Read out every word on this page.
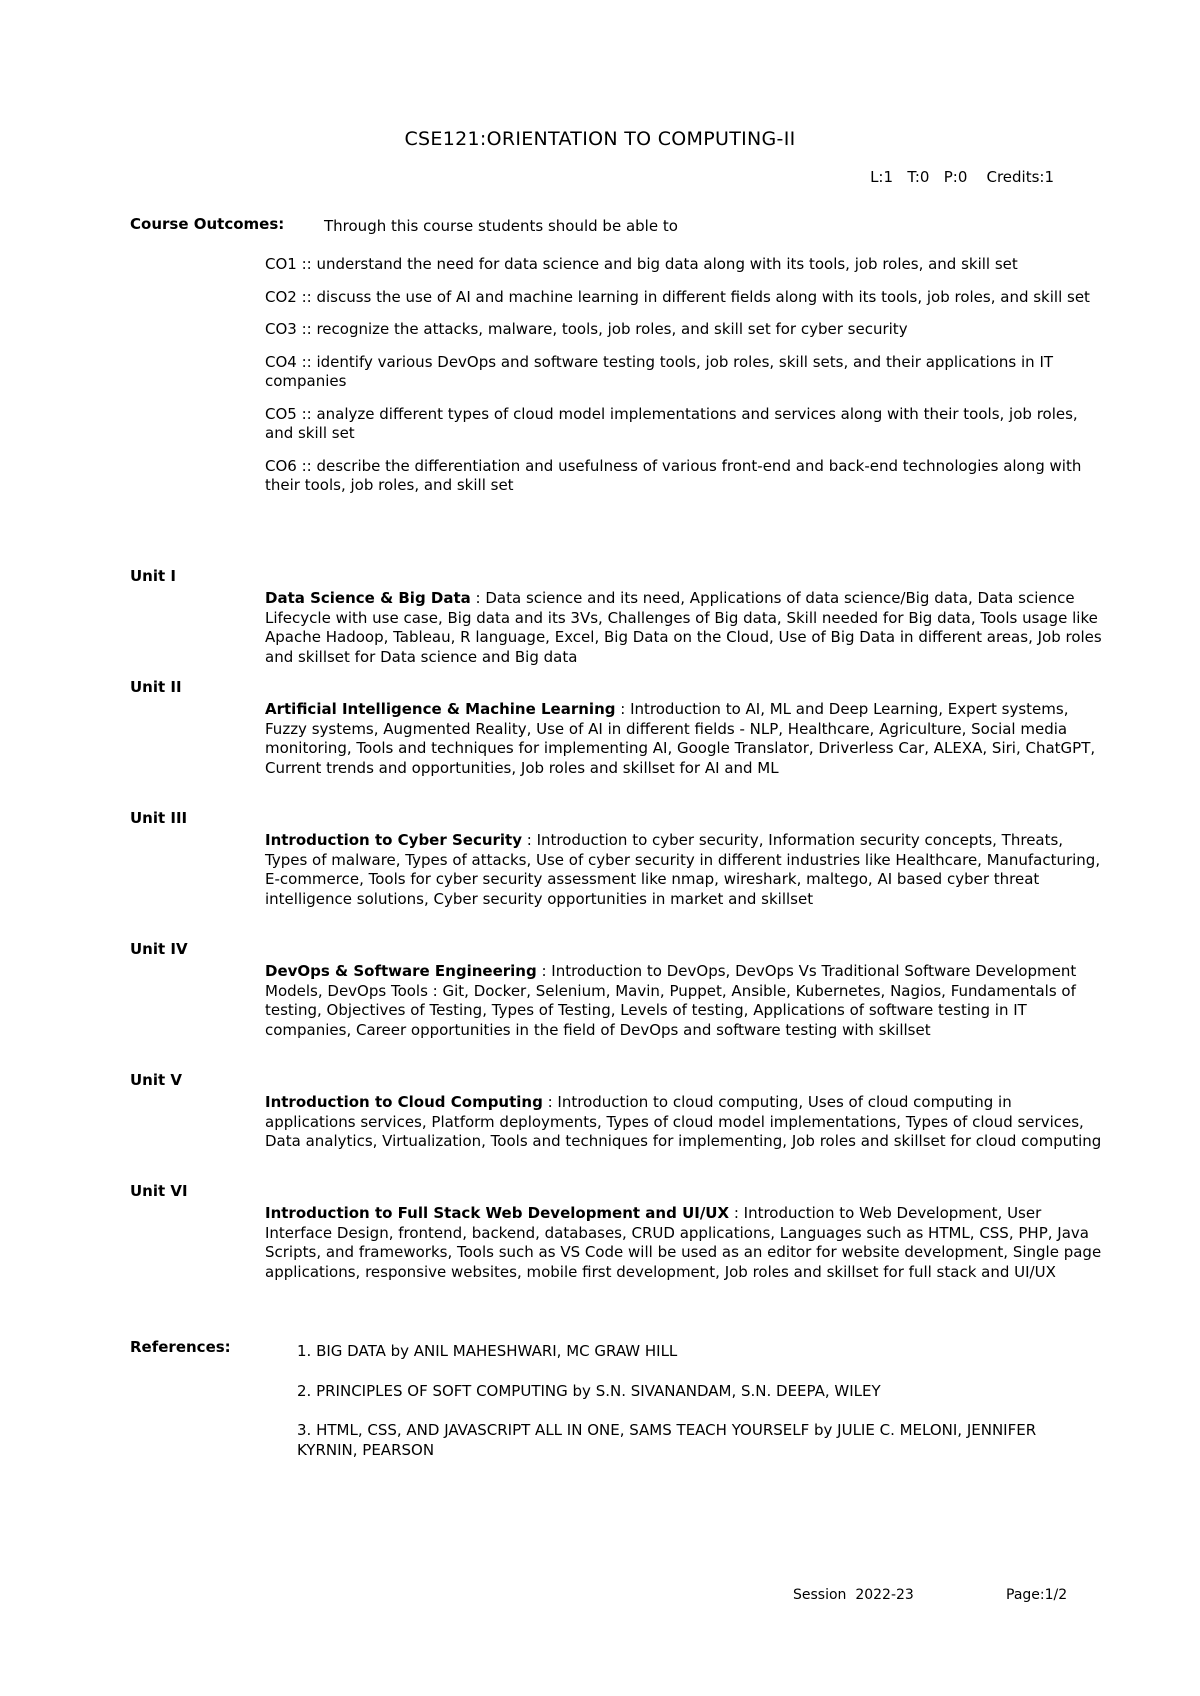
CSE121:ORIENTATION TO COMPUTING-II
L:1   T:0   P:0    Credits:1
Course Outcomes:	Through this course students should be able to
CO1 :: understand the need for data science and big data along with its tools, job roles, and skill set
CO2 :: discuss the use of AI and machine learning in different fields along with its tools, job roles, and skill set
CO3 :: recognize the attacks, malware, tools, job roles, and skill set for cyber security
CO4 :: identify various DevOps and software testing tools, job roles, skill sets, and their applications in IT companies
CO5 :: analyze different types of cloud model implementations and services along with their tools, job roles, and skill set
CO6 :: describe the differentiation and usefulness of various front-end and back-end technologies along with their tools, job roles, and skill set
Unit I
Data Science & Big Data : Data science and its need, Applications of data science/Big data, Data science Lifecycle with use case, Big data and its 3Vs, Challenges of Big data, Skill needed for Big data, Tools usage like Apache Hadoop, Tableau, R language, Excel, Big Data on the Cloud, Use of Big Data in different areas, Job roles and skillset for Data science and Big data
Unit II
Artificial Intelligence & Machine Learning : Introduction to AI, ML and Deep Learning, Expert systems, Fuzzy systems, Augmented Reality, Use of AI in different fields - NLP, Healthcare, Agriculture, Social media monitoring, Tools and techniques for implementing AI, Google Translator, Driverless Car, ALEXA, Siri, ChatGPT, Current trends and opportunities, Job roles and skillset for AI and ML
Unit III
Introduction to Cyber Security : Introduction to cyber security, Information security concepts, Threats, Types of malware, Types of attacks, Use of cyber security in different industries like Healthcare, Manufacturing, E-commerce, Tools for cyber security assessment like nmap, wireshark, maltego, AI based cyber threat intelligence solutions, Cyber security opportunities in market and skillset
Unit IV
DevOps & Software Engineering : Introduction to DevOps, DevOps Vs Traditional Software Development Models, DevOps Tools : Git, Docker, Selenium, Mavin, Puppet, Ansible, Kubernetes, Nagios, Fundamentals of testing, Objectives of Testing, Types of Testing, Levels of testing, Applications of software testing in IT companies, Career opportunities in the field of DevOps and software testing with skillset
Unit V
Introduction to Cloud Computing : Introduction to cloud computing, Uses of cloud computing in applications services, Platform deployments, Types of cloud model implementations, Types of cloud services, Data analytics, Virtualization, Tools and techniques for implementing, Job roles and skillset for cloud computing
Unit VI
Introduction to Full Stack Web Development and UI/UX : Introduction to Web Development, User Interface Design, frontend, backend, databases, CRUD applications, Languages such as HTML, CSS, PHP, Java Scripts, and frameworks, Tools such as VS Code will be used as an editor for website development, Single page applications, responsive websites, mobile first development, Job roles and skillset for full stack and UI/UX
References:	1. BIG DATA by ANIL MAHESHWARI, MC GRAW HILL
2. PRINCIPLES OF SOFT COMPUTING by S.N. SIVANANDAM, S.N. DEEPA, WILEY
3. HTML, CSS, AND JAVASCRIPT ALL IN ONE, SAMS TEACH YOURSELF by JULIE C. MELONI, JENNIFER KYRNIN, PEARSON
Session  2022-23	Page:1/2
